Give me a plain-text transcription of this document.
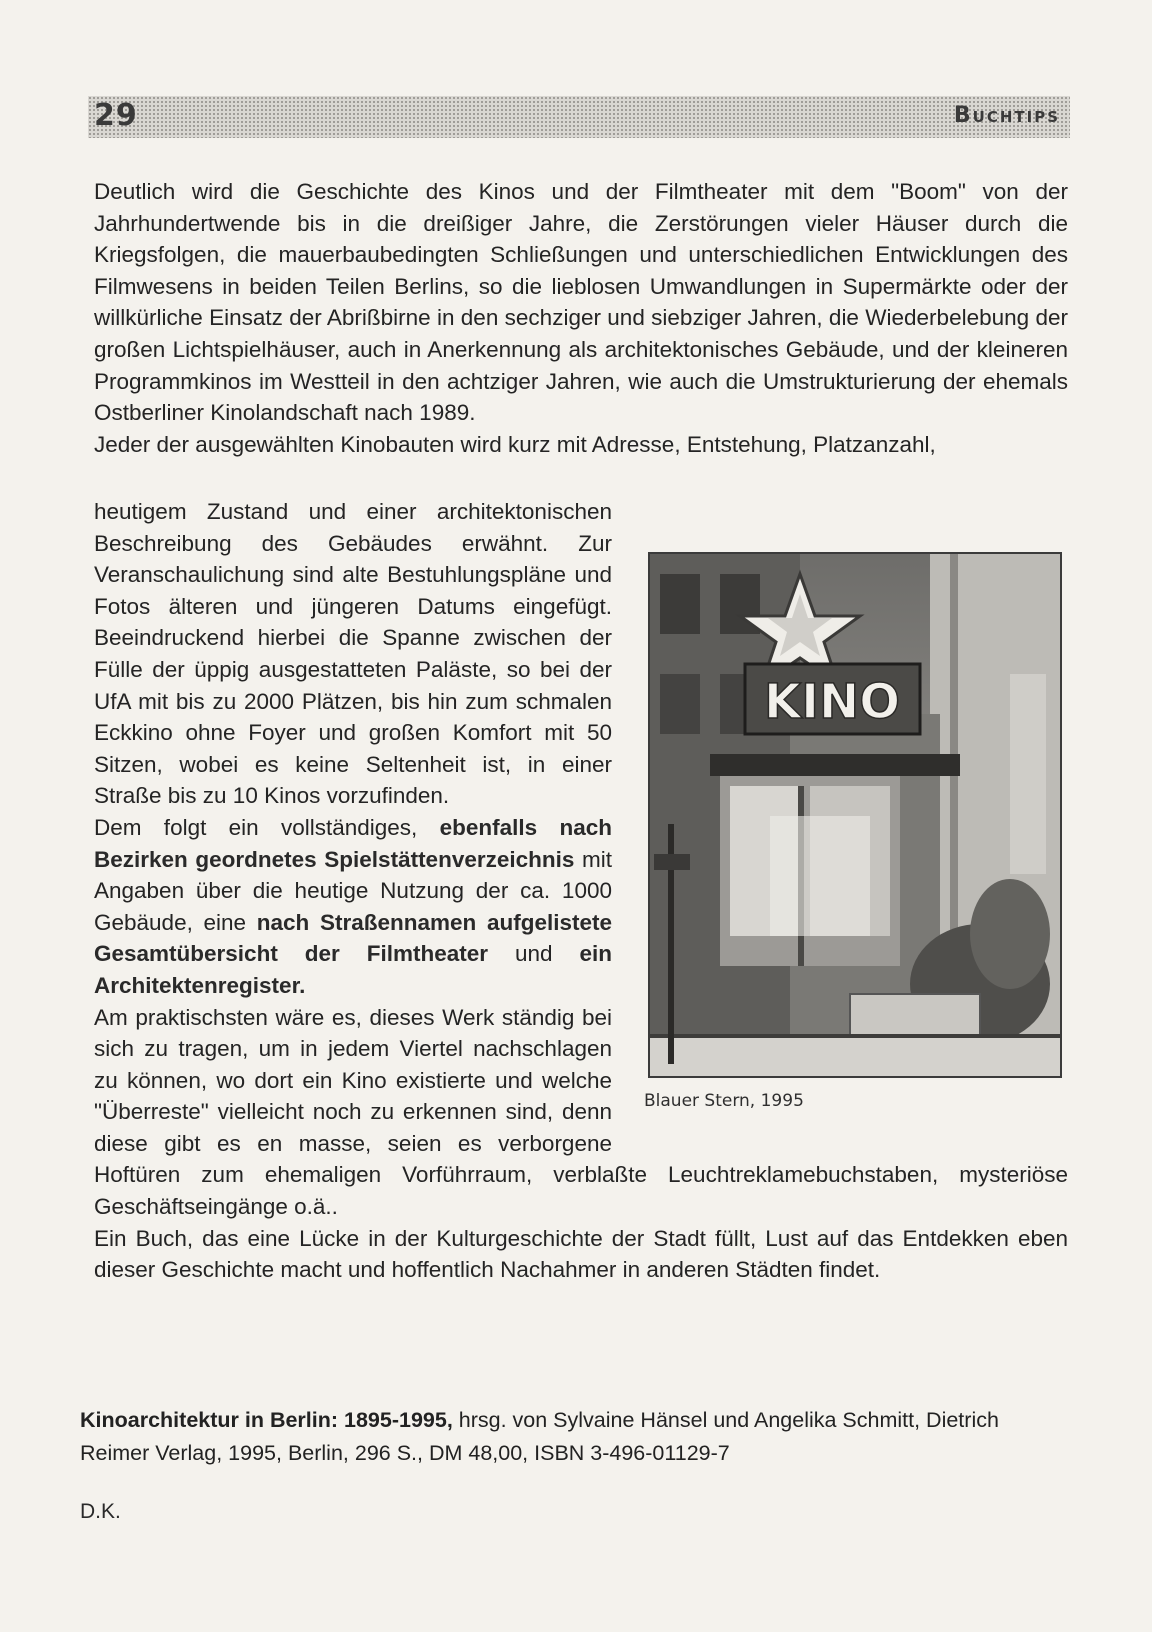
29	Buchtips

Deutlich wird die Geschichte des Kinos und der Filmtheater mit dem "Boom" von der Jahrhundertwende bis in die dreißiger Jahre, die Zerstörungen vieler Häuser durch die Kriegsfolgen, die mauerbaubedingten Schließungen und unterschiedlichen Entwicklungen des Filmwesens in beiden Teilen Berlins, so die lieblosen Umwandlungen in Supermärkte oder der willkürliche Einsatz der Abrißbirne in den sechziger und siebziger Jahren, die Wiederbelebung der großen Lichtspielhäuser, auch in Anerkennung als architektonisches Gebäude, und der kleineren Programmkinos im Westteil in den achtziger Jahren, wie auch die Umstrukturierung der ehemals Ostberliner Kinolandschaft nach 1989.

Jeder der ausgewählten Kinobauten wird kurz mit Adresse, Entstehung, Platzanzahl,

KINO
Blauer Stern, 1995

heutigem Zustand und einer architektonischen Beschreibung des Gebäudes erwähnt. Zur Veranschaulichung sind alte Bestuhlungspläne und Fotos älteren und jüngeren Datums eingefügt. Beeindruckend hierbei die Spanne zwischen der Fülle der üppig ausgestatteten Paläste, so bei der UfA mit bis zu 2000 Plätzen, bis hin zum schmalen Eckkino ohne Foyer und großen Komfort mit 50 Sitzen, wobei es keine Seltenheit ist, in einer Straße bis zu 10 Kinos vorzufinden.

Dem folgt ein vollständiges, ebenfalls nach Bezirken geordnetes Spielstättenverzeichnis mit Angaben über die heutige Nutzung der ca. 1000 Gebäude, eine nach Straßennamen aufgelistete Gesamtübersicht der Filmtheater und ein Architektenregister.

Am praktischsten wäre es, dieses Werk ständig bei sich zu tragen, um in jedem Viertel nachschlagen zu können, wo dort ein Kino existierte und welche "Überreste" vielleicht noch zu erkennen sind, denn diese gibt es en masse, seien es verborgene Hoftüren zum ehemaligen Vorführraum, verblaßte Leuchtreklamebuchstaben, mysteriöse Geschäftseingänge o.ä..

Ein Buch, das eine Lücke in der Kulturgeschichte der Stadt füllt, Lust auf das Entdekken eben dieser Geschichte macht und hoffentlich Nachahmer in anderen Städten findet.

Kinoarchitektur in Berlin: 1895-1995, hrsg. von Sylvaine Hänsel und Angelika Schmitt, Dietrich Reimer Verlag, 1995, Berlin, 296 S., DM 48,00, ISBN 3-496-01129-7

D.K.
